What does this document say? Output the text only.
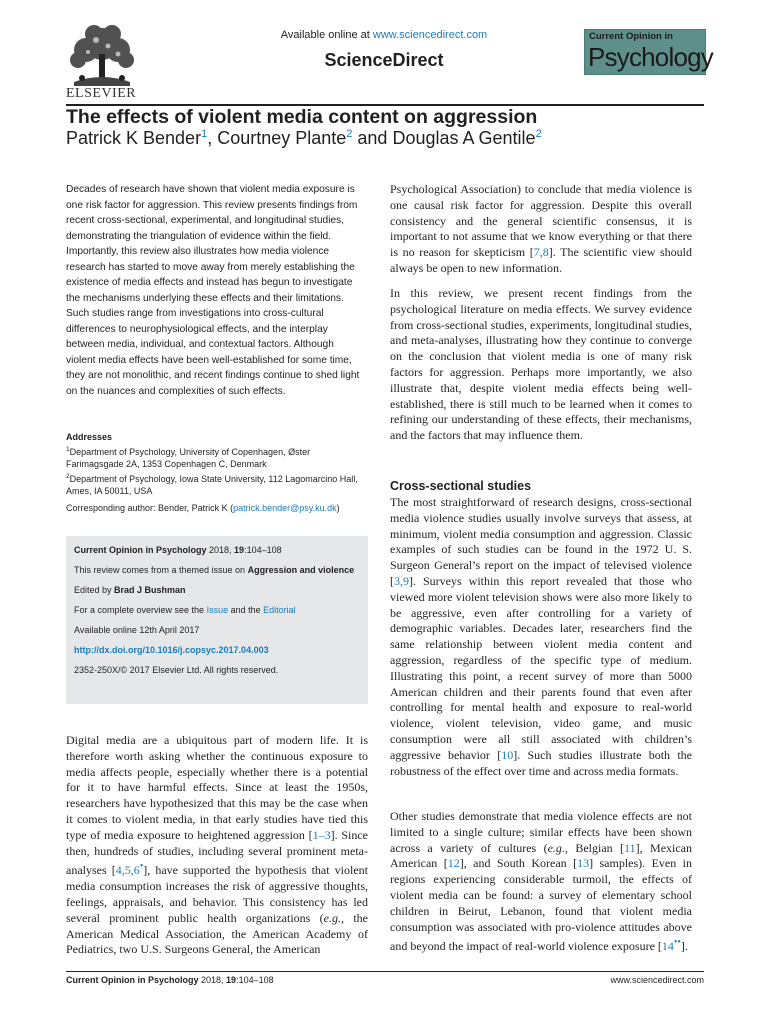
ELSEVIER
Available online at www.sciencedirect.com
ScienceDirect
Current Opinion in
Psychology
The effects of violent media content on aggression
Patrick K Bender$^1$, Courtney Plante$^2$ and Douglas A Gentile$^2$

Decades of research have shown that violent media exposure is one risk factor for aggression. This review presents findings from recent cross-sectional, experimental, and longitudinal studies, demonstrating the triangulation of evidence within the field. Importantly, this review also illustrates how media violence research has started to move away from merely establishing the existence of media effects and instead has begun to investigate the mechanisms underlying these effects and their limitations. Such studies range from investigations into cross-cultural differences to neurophysiological effects, and the interplay between media, individual, and contextual factors. Although violent media effects have been well-established for some time, they are not monolithic, and recent findings continue to shed light on the nuances and complexities of such effects.

Addresses
$^1$Department of Psychology, University of Copenhagen, Øster Farimagsgade 2A, 1353 Copenhagen C, Denmark
$^2$Department of Psychology, Iowa State University, 112 Lagomarcino Hall, Ames, IA 50011, USA
Corresponding author: Bender, Patrick K (patrick.bender@psy.ku.dk)
Current Opinion in Psychology 2018, 19:104–108
This review comes from a themed issue on Aggression and violence
Edited by Brad J Bushman
For a complete overview see the Issue and the Editorial
Available online 12th April 2017
http://dx.doi.org/10.1016/j.copsyc.2017.04.003
2352-250X/© 2017 Elsevier Ltd. All rights reserved.

Digital media are a ubiquitous part of modern life. It is therefore worth asking whether the continuous exposure to media affects people, especially whether there is a potential for it to have harmful effects. Since at least the 1950s, researchers have hypothesized that this may be the case when it comes to violent media, in that early studies have tied this type of media exposure to heightened aggression [1–3]. Since then, hundreds of studies, including several prominent meta-analyses [4,5,6•], have supported the hypothesis that violent media consumption increases the risk of aggressive thoughts, feelings, appraisals, and behavior. This consistency has led several prominent public health organizations (e.g., the American Medical Association, the American Academy of Pediatrics, two U.S. Surgeons General, the American

Psychological Association) to conclude that media violence is one causal risk factor for aggression. Despite this overall consistency and the general scientific consensus, it is important to not assume that we know everything or that there is no reason for skepticism [7,8]. The scientific view should always be open to new information.

In this review, we present recent findings from the psychological literature on media effects. We survey evidence from cross-sectional studies, experiments, longitudinal studies, and meta-analyses, illustrating how they continue to converge on the conclusion that violent media is one of many risk factors for aggression. Perhaps more importantly, we also illustrate that, despite violent media effects being well-established, there is still much to be learned when it comes to refining our understanding of these effects, their mechanisms, and the factors that may influence them.

Cross-sectional studies

The most straightforward of research designs, cross-sectional media violence studies usually involve surveys that assess, at minimum, violent media consumption and aggression. Classic examples of such studies can be found in the 1972 U. S. Surgeon General’s report on the impact of televised violence [3,9]. Surveys within this report revealed that those who viewed more violent television shows were also more likely to be aggressive, even after controlling for a variety of demographic variables. Decades later, researchers find the same relationship between violent media content and aggression, regardless of the specific type of medium. Illustrating this point, a recent survey of more than 5000 American children and their parents found that even after controlling for mental health and exposure to real-world violence, violent television, video game, and music consumption were all still associated with children’s aggressive behavior [10]. Such studies illustrate both the robustness of the effect over time and across media formats.

Other studies demonstrate that media violence effects are not limited to a single culture; similar effects have been shown across a variety of cultures (e.g., Belgian [11], Mexican American [12], and South Korean [13] samples). Even in regions experiencing considerable turmoil, the effects of violent media can be found: a survey of elementary school children in Beirut, Lebanon, found that violent media consumption was associated with pro-violence attitudes above and beyond the impact of real-world violence exposure [14••].

Current Opinion in Psychology 2018, 19:104–108	www.sciencedirect.com
